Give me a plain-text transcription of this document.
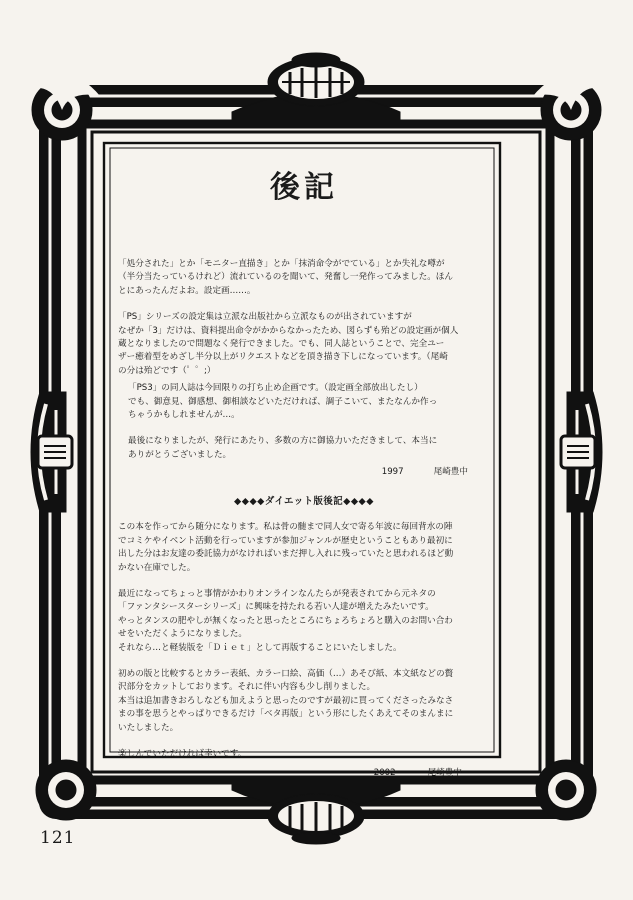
後記

「処分された」とか「モニター直描き」とか「抹消命令がでている」とか失礼な噂が
（半分当たっているけれど）流れているのを聞いて、発奮し一発作ってみました。ほん
とにあったんだよお。設定画……。

「PS」シリーズの設定集は立派な出版社から立派なものが出されていますが
なぜか「3」だけは、資料提出命令がかからなかったため、図らずも殆どの設定画が個人
蔵となりましたので問題なく発行できました。でも、同人誌ということで、完全ユー
ザー癒着型をめざし半分以上がリクエストなどを頂き描き下しになっています。（尾崎
の分は殆どです（゜゜;）

「PS3」の同人誌は今回限りの打ち止め企画です。（設定画全部放出したし）
でも、御意見、御感想、御相談などいただければ、調子こいて、またなんか作っ
ちゃうかもしれませんが…。

最後になりましたが、発行にあたり、多数の方に御協力いただきまして、本当に
ありがとうございました。

1997	尾崎豊中
◆◆◆◆ダイエット版後記◆◆◆◆

この本を作ってから随分になります。私は骨の髄まで同人女で寄る年波に毎回背水の陣
でコミケやイベント活動を行っていますが参加ジャンルが歴史ということもあり最初に
出した分はお友達の委託協力がなければいまだ押し入れに残っていたと思われるほど動
かない在庫でした。

最近になってちょっと事情がかわりオンラインなんたらが発表されてから元ネタの
「ファンタシースターシリーズ」に興味を持たれる若い人達が増えたみたいです。
やっとタンスの肥やしが無くなったと思ったところにちょろちょろと購入のお問い合わ
せをいただくようになりました。
それなら…と軽装版を「Ｄｉｅｔ」として再版することにいたしました。

初めの版と比較するとカラー表紙、カラー口絵、高価（…）あそび紙、本文紙などの贅
沢部分をカットしております。それに伴い内容も少し削りました。
本当は追加書きおろしなども加えようと思ったのですが最初に買ってくださったみなさ
まの事を思うとやっぱりできるだけ「ベタ再版」という形にしたくあえてそのまんまに
いたしました。

楽しんでいただければ幸いです。

2002	尾崎豊中
121
